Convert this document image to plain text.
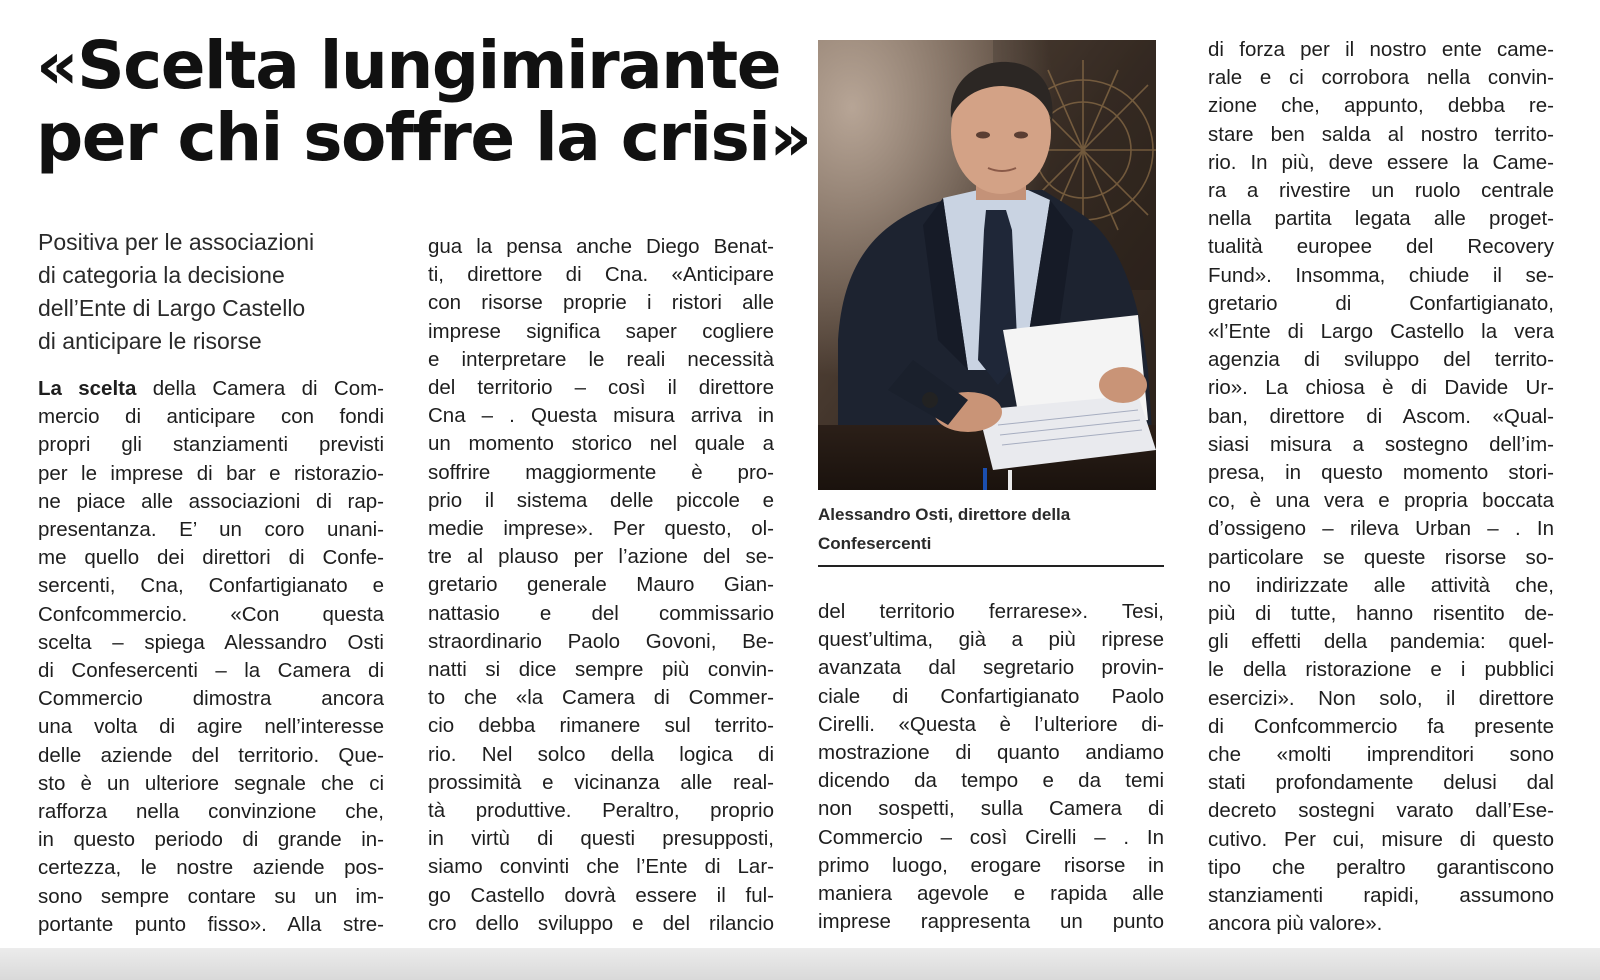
«Scelta lungimirante
per chi soffre la crisi»
Positiva per le associazioni
di categoria la decisione
dell’Ente di Largo Castello
di anticipare le risorse
La scelta della Camera di Com-
mercio di anticipare con fondi
propri gli stanziamenti previsti
per le imprese di bar e ristorazio-
ne piace alle associazioni di rap-
presentanza. E’ un coro unani-
me quello dei direttori di Confe-
sercenti, Cna, Confartigianato e
Confcommercio. «Con questa
scelta – spiega Alessandro Osti
di Confesercenti – la Camera di
Commercio dimostra ancora
una volta di agire nell’interesse
delle aziende del territorio. Que-
sto è un ulteriore segnale che ci
rafforza nella convinzione che,
in questo periodo di grande in-
certezza, le nostre aziende pos-
sono sempre contare su un im-
portante punto fisso». Alla stre-
gua la pensa anche Diego Benat-
ti, direttore di Cna. «Anticipare
con risorse proprie i ristori alle
imprese significa saper cogliere
e interpretare le reali necessità
del territorio – così il direttore
Cna – . Questa misura arriva in
un momento storico nel quale a
soffrire maggiormente è pro-
prio il sistema delle piccole e
medie imprese». Per questo, ol-
tre al plauso per l’azione del se-
gretario generale Mauro Gian-
nattasio e del commissario
straordinario Paolo Govoni, Be-
natti si dice sempre più convin-
to che «la Camera di Commer-
cio debba rimanere sul territo-
rio. Nel solco della logica di
prossimità e vicinanza alle real-
tà produttive. Peraltro, proprio
in virtù di questi presupposti,
siamo convinti che l’Ente di Lar-
go Castello dovrà essere il ful-
cro dello sviluppo e del rilancio
del territorio ferrarese». Tesi,
quest’ultima, già a più riprese
avanzata dal segretario provin-
ciale di Confartigianato Paolo
Cirelli. «Questa è l’ulteriore di-
mostrazione di quanto andiamo
dicendo da tempo e da temi
non sospetti, sulla Camera di
Commercio – così Cirelli – . In
primo luogo, erogare risorse in
maniera agevole e rapida alle
imprese rappresenta un punto
di forza per il nostro ente came-
rale e ci corrobora nella convin-
zione che, appunto, debba re-
stare ben salda al nostro territo-
rio. In più, deve essere la Came-
ra a rivestire un ruolo centrale
nella partita legata alle proget-
tualità europee del Recovery
Fund». Insomma, chiude il se-
gretario di Confartigianato,
«l’Ente di Largo Castello la vera
agenzia di sviluppo del territo-
rio». La chiosa è di Davide Ur-
ban, direttore di Ascom. «Qual-
siasi misura a sostegno dell’im-
presa, in questo momento stori-
co, è una vera e propria boccata
d’ossigeno – rileva Urban – . In
particolare se queste risorse so-
no indirizzate alle attività che,
più di tutte, hanno risentito de-
gli effetti della pandemia: quel-
le della ristorazione e i pubblici
esercizi». Non solo, il direttore
di Confcommercio fa presente
che «molti imprenditori sono
stati profondamente delusi dal
decreto sostegni varato dall’Ese-
cutivo. Per cui, misure di questo
tipo che peraltro garantiscono
stanziamenti rapidi, assumono
ancora più valore».
Alessandro Osti, direttore della
Confesercenti
